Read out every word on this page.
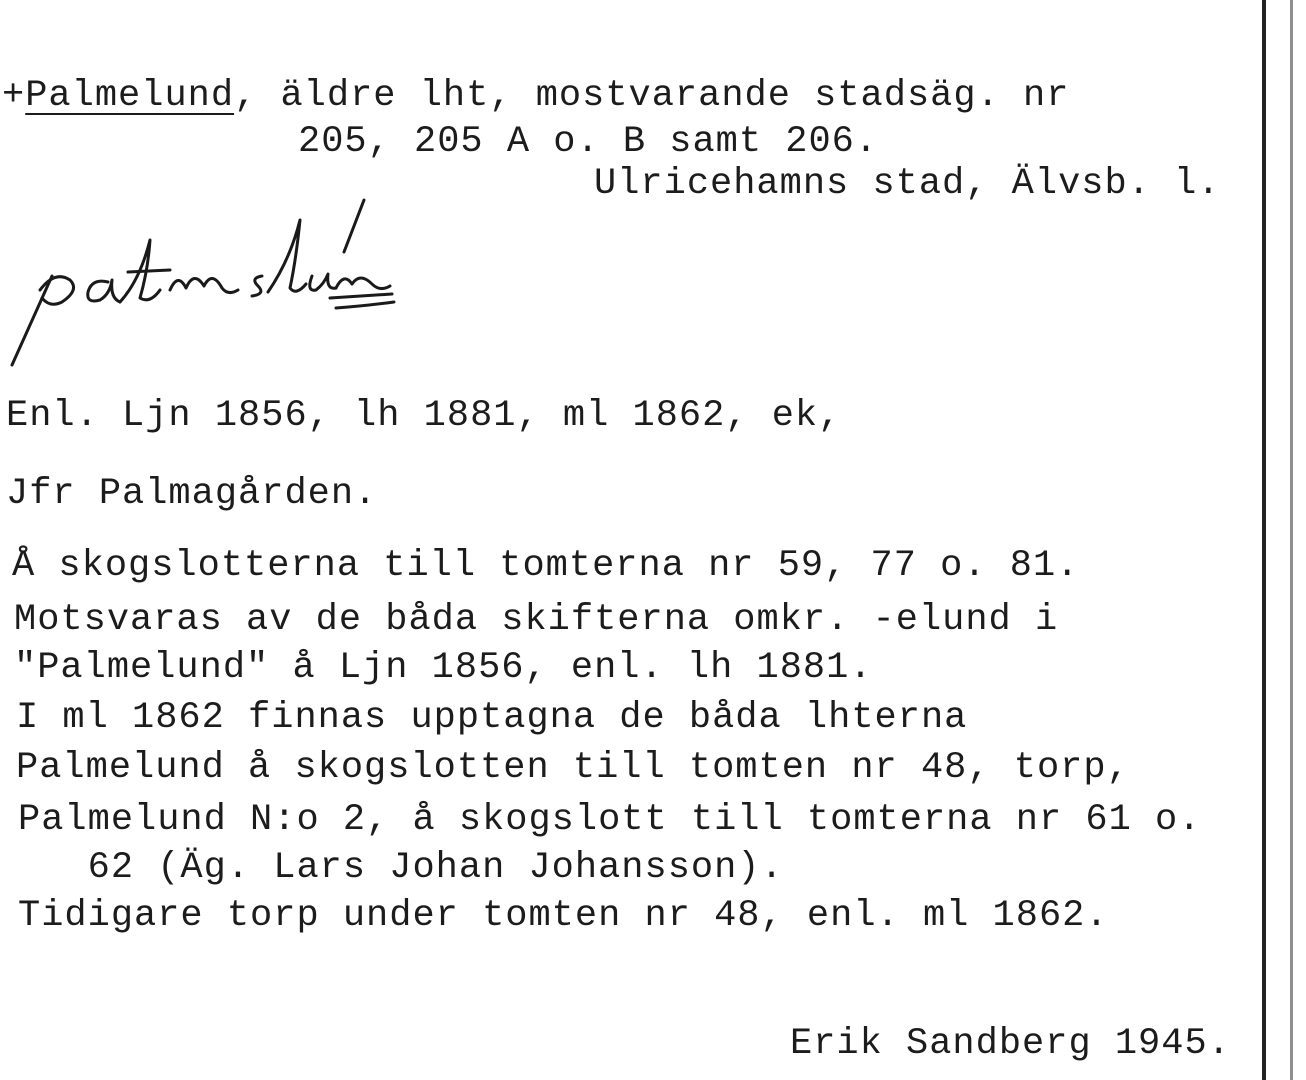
+Palmelund, äldre lht, mostvarande stadsäg. nr
205, 205 A o. B samt 206.
Ulricehamns stad, Älvsb. l.
Enl. Ljn 1856, lh 1881, ml 1862, ek,
Jfr Palmagården.
Å skogslotterna till tomterna nr 59, 77 o. 81.
Motsvaras av de båda skifterna omkr. -elund i
"Palmelund" å Ljn 1856, enl. lh 1881.
I ml 1862 finnas upptagna de båda lhterna
Palmelund å skogslotten till tomten nr 48, torp,
Palmelund N:o 2, å skogslott till tomterna nr 61 o.
62 (Äg. Lars Johan Johansson).
Tidigare torp under tomten nr 48, enl. ml 1862.
Erik Sandberg 1945.
